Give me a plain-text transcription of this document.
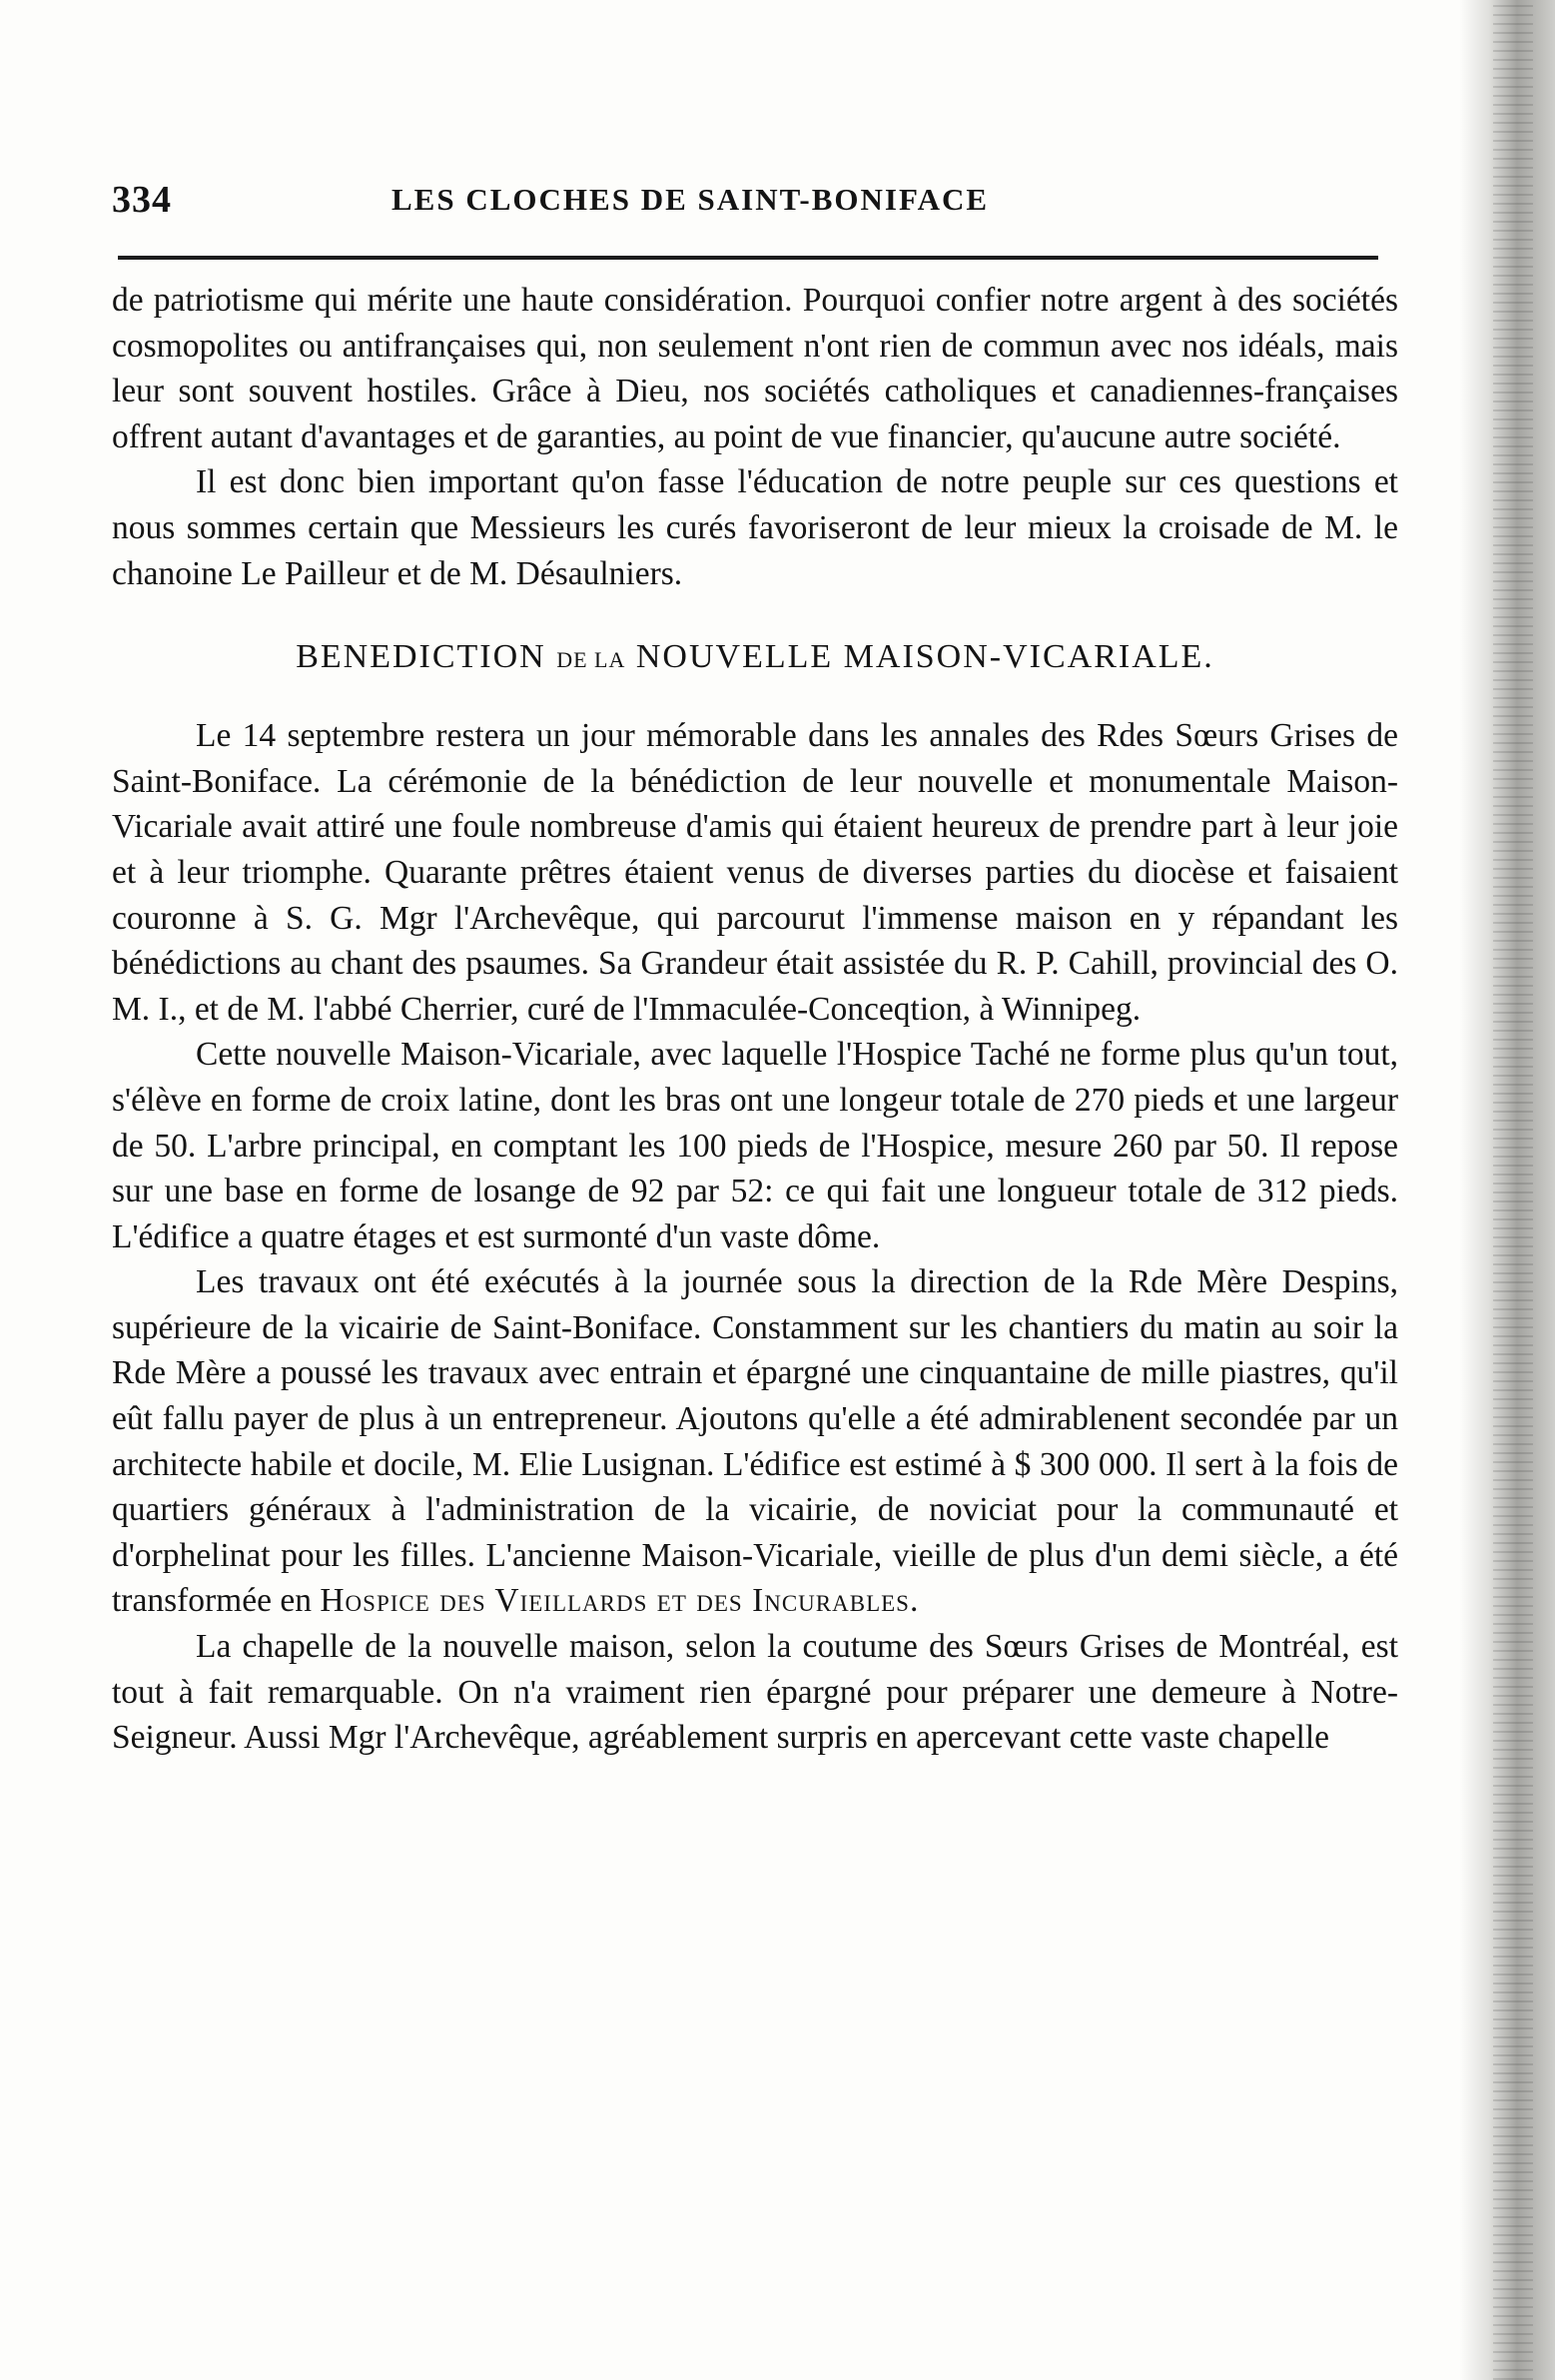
334	LES CLOCHES DE SAINT-BONIFACE

de patriotisme qui mérite une haute considération. Pourquoi confier notre argent à des sociétés cosmopolites ou antifrançaises qui, non seulement n'ont rien de commun avec nos idéals, mais leur sont souvent hostiles. Grâce à Dieu, nos sociétés catholiques et canadiennes-françaises offrent autant d'avantages et de garanties, au point de vue financier, qu'aucune autre société.

Il est donc bien important qu'on fasse l'éducation de notre peuple sur ces questions et nous sommes certain que Messieurs les curés favoriseront de leur mieux la croisade de M. le chanoine Le Pailleur et de M. Désaulniers.

BENEDICTION DE LA NOUVELLE MAISON-VICARIALE.

Le 14 septembre restera un jour mémorable dans les annales des Rdes Sœurs Grises de Saint-Boniface. La cérémonie de la bénédiction de leur nouvelle et monumentale Maison-Vicariale avait attiré une foule nombreuse d'amis qui étaient heureux de prendre part à leur joie et à leur triomphe. Quarante prêtres étaient venus de diverses parties du diocèse et faisaient couronne à S. G. Mgr l'Archevêque, qui parcourut l'immense maison en y répandant les bénédictions au chant des psaumes. Sa Grandeur était assistée du R. P. Cahill, provincial des O. M. I., et de M. l'abbé Cherrier, curé de l'Immaculée-Conceqtion, à Winnipeg.

Cette nouvelle Maison-Vicariale, avec laquelle l'Hospice Taché ne forme plus qu'un tout, s'élève en forme de croix latine, dont les bras ont une longeur totale de 270 pieds et une largeur de 50. L'arbre principal, en comptant les 100 pieds de l'Hospice, mesure 260 par 50. Il repose sur une base en forme de losange de 92 par 52: ce qui fait une longueur totale de 312 pieds. L'édifice a quatre étages et est surmonté d'un vaste dôme.

Les travaux ont été exécutés à la journée sous la direction de la Rde Mère Despins, supérieure de la vicairie de Saint-Boniface. Constamment sur les chantiers du matin au soir la Rde Mère a poussé les travaux avec entrain et épargné une cinquantaine de mille piastres, qu'il eût fallu payer de plus à un entrepreneur. Ajoutons qu'elle a été admirablenent secondée par un architecte habile et docile, M. Elie Lusignan. L'édifice est estimé à $ 300 000. Il sert à la fois de quartiers généraux à l'administration de la vicairie, de noviciat pour la communauté et d'orphelinat pour les filles. L'ancienne Maison-Vicariale, vieille de plus d'un demi siècle, a été transformée en Hospice des Vieillards et des Incurables.

La chapelle de la nouvelle maison, selon la coutume des Sœurs Grises de Montréal, est tout à fait remarquable. On n'a vraiment rien épargné pour préparer une demeure à Notre-Seigneur. Aussi Mgr l'Archevêque, agréablement surpris en apercevant cette vaste chapelle
